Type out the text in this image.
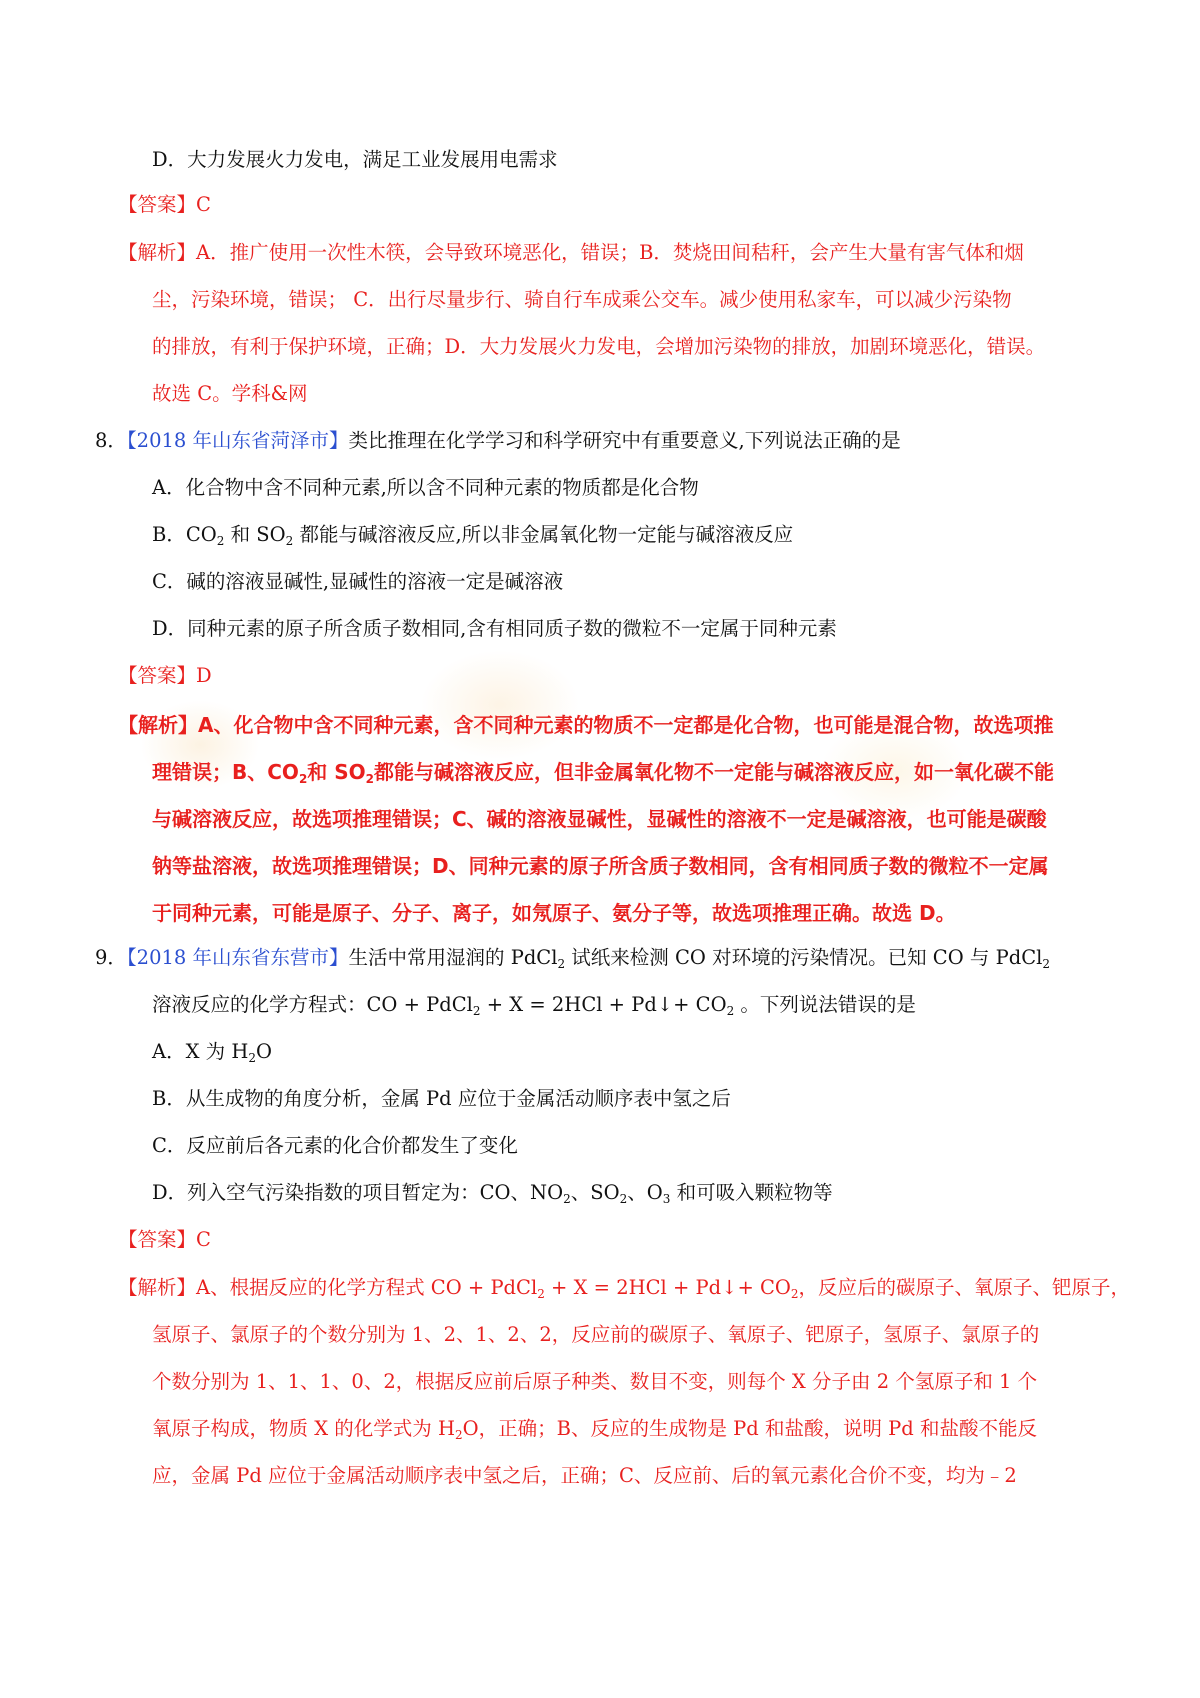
D．大力发展火力发电，满足工业发展用电需求
【答案】C
【解析】A．推广使用一次性木筷，会导致环境恶化，错误；B．焚烧田间秸秆，会产生大量有害气体和烟
尘，污染环境，错误； C．出行尽量步行、骑自行车成乘公交车。减少使用私家车，可以减少污染物
的排放，有利于保护环境，正确；D．大力发展火力发电，会增加污染物的排放，加剧环境恶化，错误。
故选 C。学科&网
8．【2018 年山东省菏泽市】类比推理在化学学习和科学研究中有重要意义,下列说法正确的是
A．化合物中含不同种元素,所以含不同种元素的物质都是化合物
B．$CO_2$ 和 $SO_2$ 都能与碱溶液反应,所以非金属氧化物一定能与碱溶液反应
C．碱的溶液显碱性,显碱性的溶液一定是碱溶液
D．同种元素的原子所含质子数相同,含有相同质子数的微粒不一定属于同种元素
【答案】D
【解析】A、化合物中含不同种元素，含不同种元素的物质不一定都是化合物，也可能是混合物，故选项推
理错误；B、$CO_2$和 $SO_2$都能与碱溶液反应，但非金属氧化物不一定能与碱溶液反应，如一氧化碳不能
与碱溶液反应，故选项推理错误；C、碱的溶液显碱性，显碱性的溶液不一定是碱溶液，也可能是碳酸
钠等盐溶液，故选项推理错误；D、同种元素的原子所含质子数相同，含有相同质子数的微粒不一定属
于同种元素，可能是原子、分子、离子，如氖原子、氨分子等，故选项推理正确。故选 D。
9．【2018 年山东省东营市】生活中常用湿润的 PdCl$_2$ 试纸来检测 CO 对环境的污染情况。已知 CO 与 PdCl$_2$
溶液反应的化学方程式：CO + PdCl$_2$ + X = 2HCl + Pd↓+ $CO_2$ 。下列说法错误的是
A．X 为 $H_2O$
B．从生成物的角度分析，金属 Pd 应位于金属活动顺序表中氢之后
C．反应前后各元素的化合价都发生了变化
D．列入空气污染指数的项目暂定为：CO、$NO_2$、$SO_2$、$O_3$ 和可吸入颗粒物等
【答案】C
【解析】A、根据反应的化学方程式 CO + PdCl$_2$ + X = 2HCl + Pd↓+ $CO_2$，反应后的碳原子、氧原子、钯原子，
氢原子、氯原子的个数分别为 1、2、1、2、2，反应前的碳原子、氧原子、钯原子，氢原子、氯原子的
个数分别为 1、1、1、0、2，根据反应前后原子种类、数目不变，则每个 X 分子由 2 个氢原子和 1 个
氧原子构成，物质 X 的化学式为 $H_2O$，正确；B、反应的生成物是 Pd 和盐酸，说明 Pd 和盐酸不能反
应，金属 Pd 应位于金属活动顺序表中氢之后，正确；C、反应前、后的氧元素化合价不变，均为﹣2
